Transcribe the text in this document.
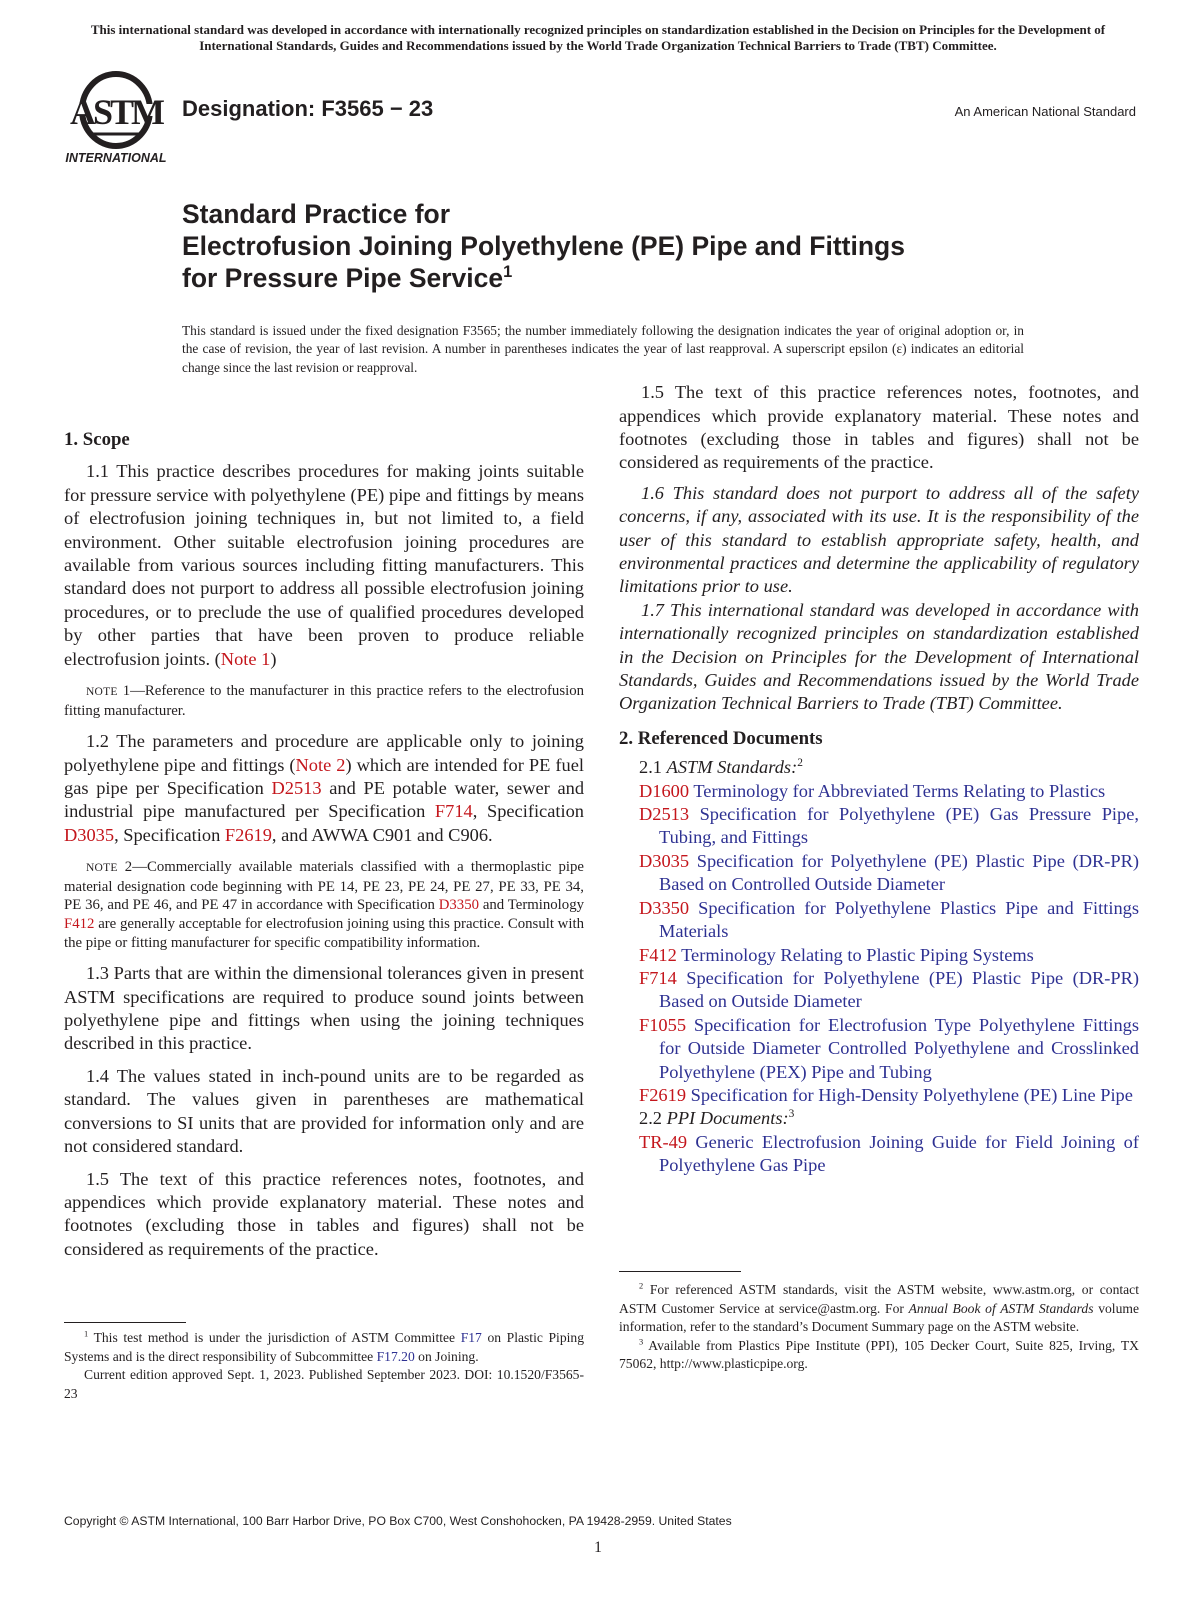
This international standard was developed in accordance with internationally recognized principles on standardization established in the Decision on Principles for the Development of International Standards, Guides and Recommendations issued by the World Trade Organization Technical Barriers to Trade (TBT) Committee.
ASTM
INTERNATIONAL
Designation: F3565 − 23	An American National Standard
Standard Practice for
Electrofusion Joining Polyethylene (PE) Pipe and Fittings
for Pressure Pipe Service$^1$
This standard is issued under the fixed designation F3565; the number immediately following the designation indicates the year of original adoption or, in the case of revision, the year of last revision. A number in parentheses indicates the year of last reapproval. A superscript epsilon (ε) indicates an editorial change since the last revision or reapproval.
1. Scope

1.1 This practice describes procedures for making joints suitable for pressure service with polyethylene (PE) pipe and fittings by means of electrofusion joining techniques in, but not limited to, a field environment. Other suitable electrofusion joining procedures are available from various sources including fitting manufacturers. This standard does not purport to address all possible electrofusion joining procedures, or to preclude the use of qualified procedures developed by other parties that have been proven to produce reliable electrofusion joints. (Note 1)

NOTE 1—Reference to the manufacturer in this practice refers to the electrofusion fitting manufacturer.

1.2 The parameters and procedure are applicable only to joining polyethylene pipe and fittings (Note 2) which are intended for PE fuel gas pipe per Specification D2513 and PE potable water, sewer and industrial pipe manufactured per Specification F714, Specification D3035, Specification F2619, and AWWA C901 and C906.

NOTE 2—Commercially available materials classified with a thermoplastic pipe material designation code beginning with PE 14, PE 23, PE 24, PE 27, PE 33, PE 34, PE 36, and PE 46, and PE 47 in accordance with Specification D3350 and Terminology F412 are generally acceptable for electrofusion joining using this practice. Consult with the pipe or fitting manufacturer for specific compatibility information.

1.3 Parts that are within the dimensional tolerances given in present ASTM specifications are required to produce sound joints between polyethylene pipe and fittings when using the joining techniques described in this practice.

1.4 The values stated in inch-pound units are to be regarded as standard. The values given in parentheses are mathematical conversions to SI units that are provided for information only and are not considered standard.

1.5 The text of this practice references notes, footnotes, and appendices which provide explanatory material. These notes and footnotes (excluding those in tables and figures) shall not be considered as requirements of the practice.

1.5 The text of this practice references notes, footnotes, and appendices which provide explanatory material. These notes and footnotes (excluding those in tables and figures) shall not be considered as requirements of the practice.

1.6 This standard does not purport to address all of the safety concerns, if any, associated with its use. It is the responsibility of the user of this standard to establish appropriate safety, health, and environmental practices and determine the applicability of regulatory limitations prior to use.

1.7 This international standard was developed in accordance with internationally recognized principles on standardization established in the Decision on Principles for the Development of International Standards, Guides and Recommendations issued by the World Trade Organization Technical Barriers to Trade (TBT) Committee.

2. Referenced Documents
2.1 ASTM Standards:$^2$
D1600 Terminology for Abbreviated Terms Relating to Plastics
D2513 Specification for Polyethylene (PE) Gas Pressure Pipe, Tubing, and Fittings
D3035 Specification for Polyethylene (PE) Plastic Pipe (DR-PR) Based on Controlled Outside Diameter
D3350 Specification for Polyethylene Plastics Pipe and Fittings Materials
F412 Terminology Relating to Plastic Piping Systems
F714 Specification for Polyethylene (PE) Plastic Pipe (DR-PR) Based on Outside Diameter
F1055 Specification for Electrofusion Type Polyethylene Fittings for Outside Diameter Controlled Polyethylene and Crosslinked Polyethylene (PEX) Pipe and Tubing
F2619 Specification for High-Density Polyethylene (PE) Line Pipe
2.2 PPI Documents:$^3$
TR-49 Generic Electrofusion Joining Guide for Field Joining of Polyethylene Gas Pipe

$^1$ This test method is under the jurisdiction of ASTM Committee F17 on Plastic Piping Systems and is the direct responsibility of Subcommittee F17.20 on Joining.

Current edition approved Sept. 1, 2023. Published September 2023. DOI: 10.1520/F3565-23

$^2$ For referenced ASTM standards, visit the ASTM website, www.astm.org, or contact ASTM Customer Service at service@astm.org. For Annual Book of ASTM Standards volume information, refer to the standard’s Document Summary page on the ASTM website.

$^3$ Available from Plastics Pipe Institute (PPI), 105 Decker Court, Suite 825, Irving, TX 75062, http://www.plasticpipe.org.

Copyright © ASTM International, 100 Barr Harbor Drive, PO Box C700, West Conshohocken, PA 19428-2959. United States
1
